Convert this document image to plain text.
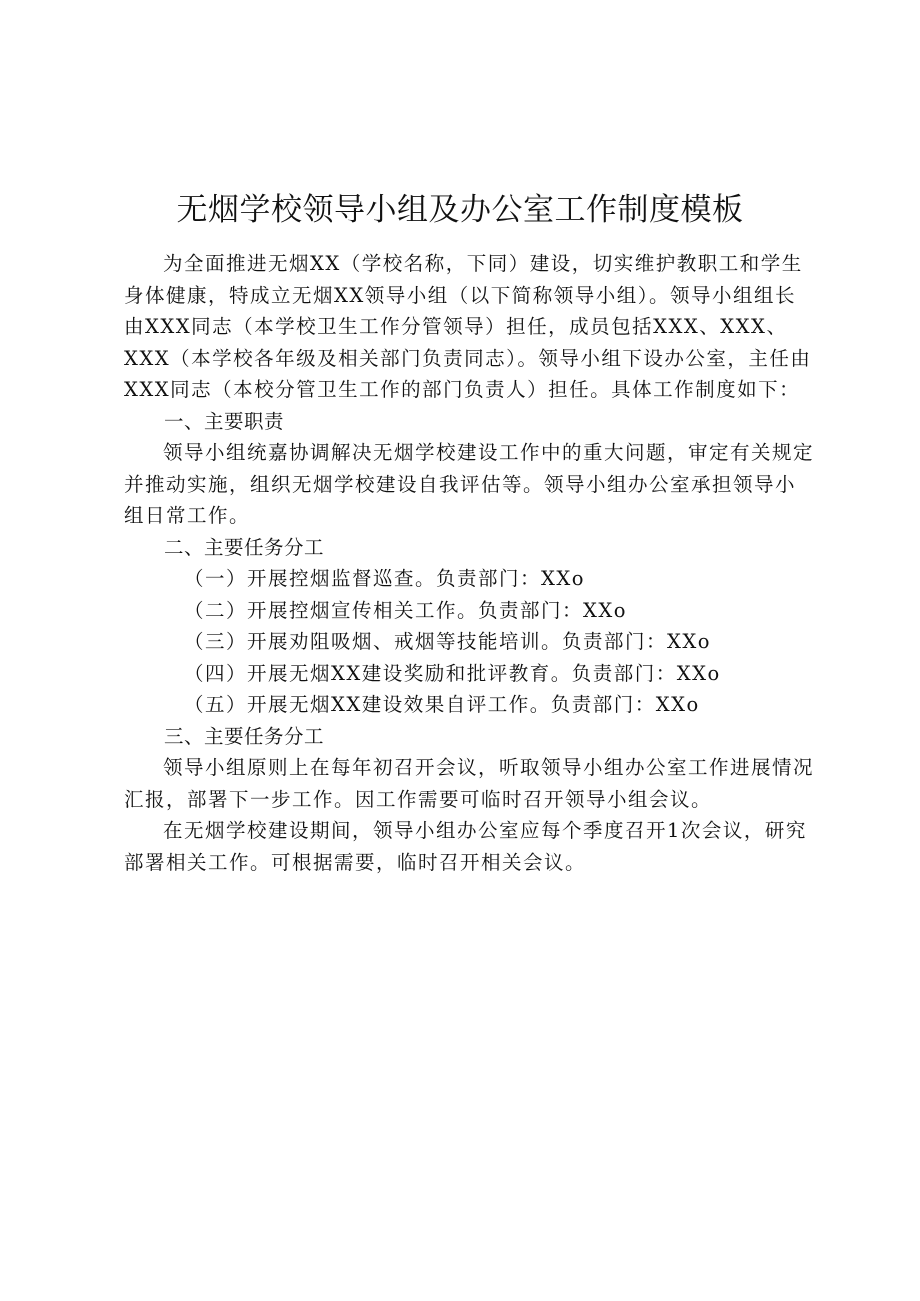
无烟学校领导小组及办公室工作制度模板

为全面推进无烟XX（学校名称，下同）建设，切实维护教职工和学生身体健康，特成立无烟XX领导小组（以下简称领导小组）。领导小组组长由XXX同志（本学校卫生工作分管领导）担任，成员包括XXX、XXX、XXX（本学校各年级及相关部门负责同志）。领导小组下设办公室，主任由XXX同志（本校分管卫生工作的部门负责人）担任。具体工作制度如下：

一、主要职责

领导小组统嘉协调解决无烟学校建设工作中的重大问题，审定有关规定并推动实施，组织无烟学校建设自我评估等。领导小组办公室承担领导小组日常工作。

二、主要任务分工

（一）开展控烟监督巡查。负责部门：XXo

（二）开展控烟宣传相关工作。负责部门：XXo

（三）开展劝阻吸烟、戒烟等技能培训。负责部门：XXo

（四）开展无烟XX建设奖励和批评教育。负责部门：XXo

（五）开展无烟XX建设效果自评工作。负责部门：XXo

三、主要任务分工

领导小组原则上在每年初召开会议，听取领导小组办公室工作进展情况汇报，部署下一步工作。因工作需要可临时召开领导小组会议。

在无烟学校建设期间，领导小组办公室应每个季度召开1次会议，研究部署相关工作。可根据需要，临时召开相关会议。
